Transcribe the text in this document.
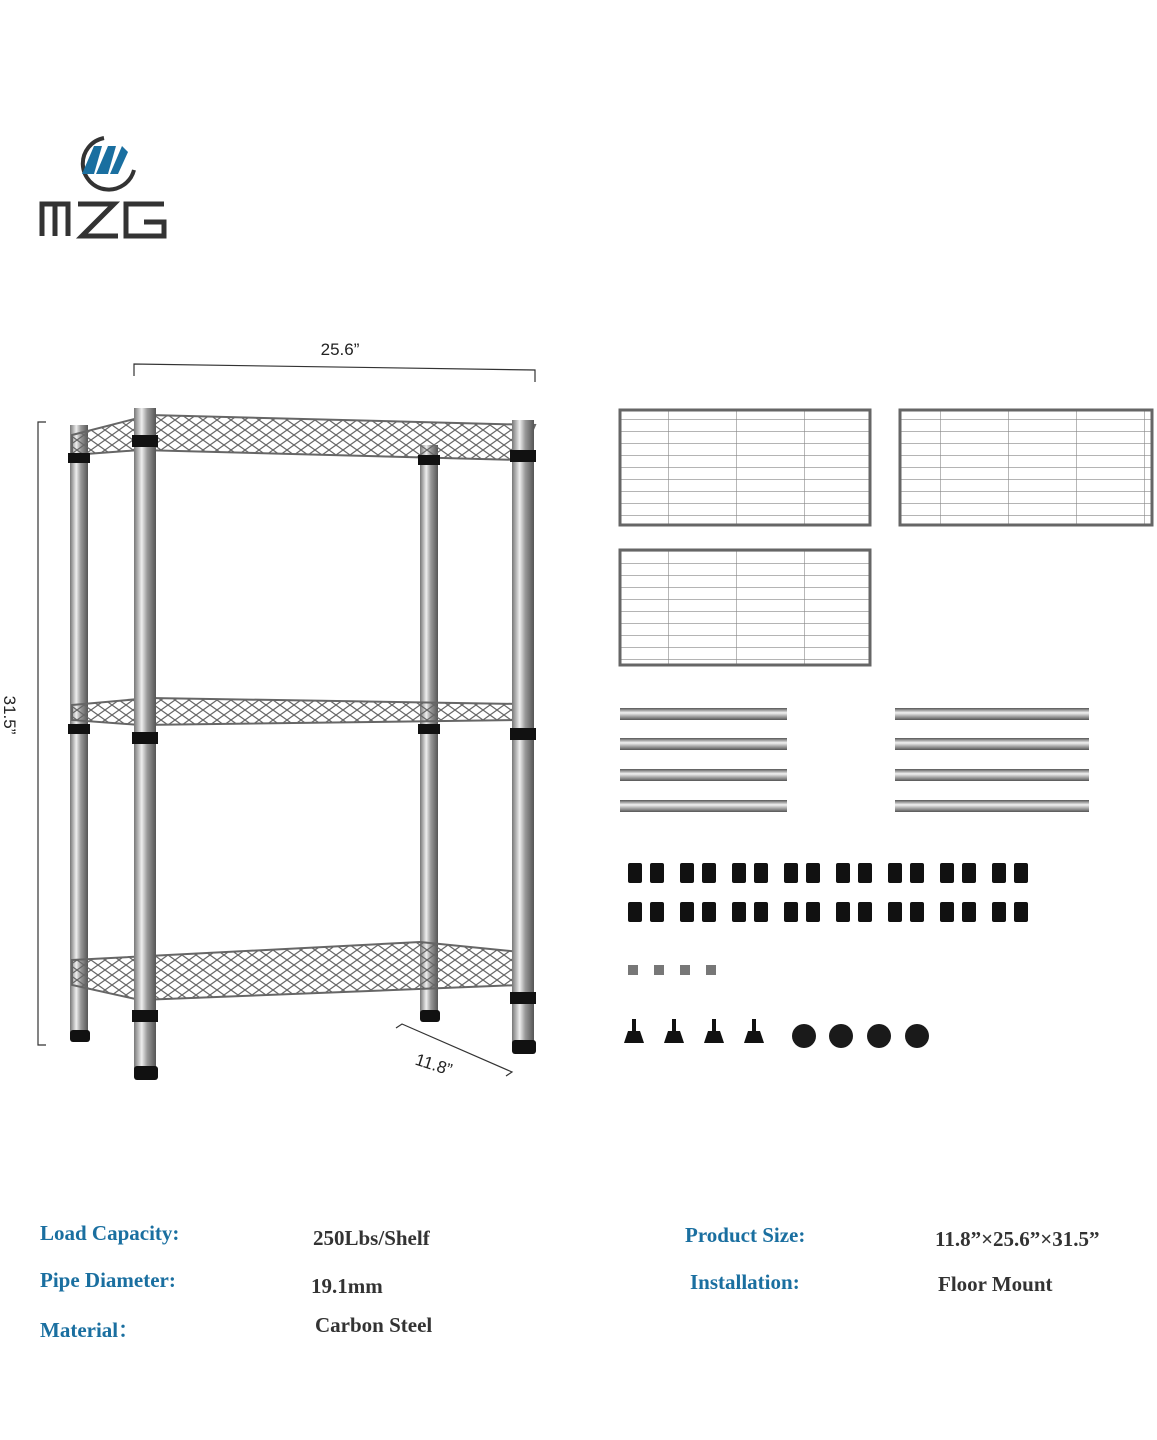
25.6”
31.5”
11.8”
Load Capacity:	250Lbs/Shelf
Pipe Diameter:	19.1mm
Material：	Carbon Steel
Product Size:	11.8”×25.6”×31.5”
Installation:	Floor Mount
